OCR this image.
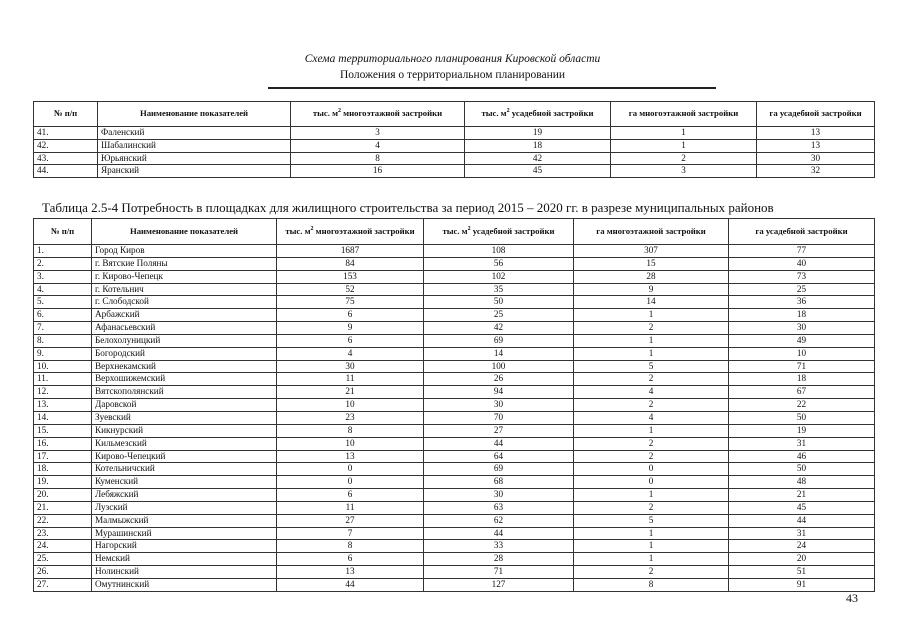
Схема территориального планирования Кировской области
Положения о территориальном планировании
№ п/п	Наименование показателей	тыс. $м^2$ многоэтажной застройки	тыс. $м^2$ усадебной застройки	га многоэтажной застройки	га усадебной застройки
41.	Фаленский	3	19	1	13
42.	Шабалинский	4	18	1	13
43.	Юрьянский	8	42	2	30
44.	Яранский	16	45	3	32
Таблица 2.5-4 Потребность в площадках для жилищного строительства за период 2015 – 2020 гг. в разрезе муниципальных районов
№ п/п	Наименование показателей	тыс. $м^2$ многоэтажной застройки	тыс. $м^2$ усадебной застройки	га многоэтажной застройки	га усадебной застройки
1.	Город Киров	1687	108	307	77
2.	г. Вятские Поляны	84	56	15	40
3.	г. Кирово-Чепецк	153	102	28	73
4.	г. Котельнич	52	35	9	25
5.	г. Слободской	75	50	14	36
6.	Арбажский	6	25	1	18
7.	Афанасьевский	9	42	2	30
8.	Белохолуницкий	6	69	1	49
9.	Богородский	4	14	1	10
10.	Верхнекамский	30	100	5	71
11.	Верхошижемский	11	26	2	18
12.	Вятскополянский	21	94	4	67
13.	Даровской	10	30	2	22
14.	Зуевский	23	70	4	50
15.	Кикнурский	8	27	1	19
16.	Кильмезский	10	44	2	31
17.	Кирово-Чепецкий	13	64	2	46
18.	Котельничский	0	69	0	50
19.	Куменский	0	68	0	48
20.	Лебяжский	6	30	1	21
21.	Лузский	11	63	2	45
22.	Малмыжский	27	62	5	44
23.	Мурашинский	7	44	1	31
24.	Нагорский	8	33	1	24
25.	Немский	6	28	1	20
26.	Нолинский	13	71	2	51
27.	Омутнинский	44	127	8	91
43
